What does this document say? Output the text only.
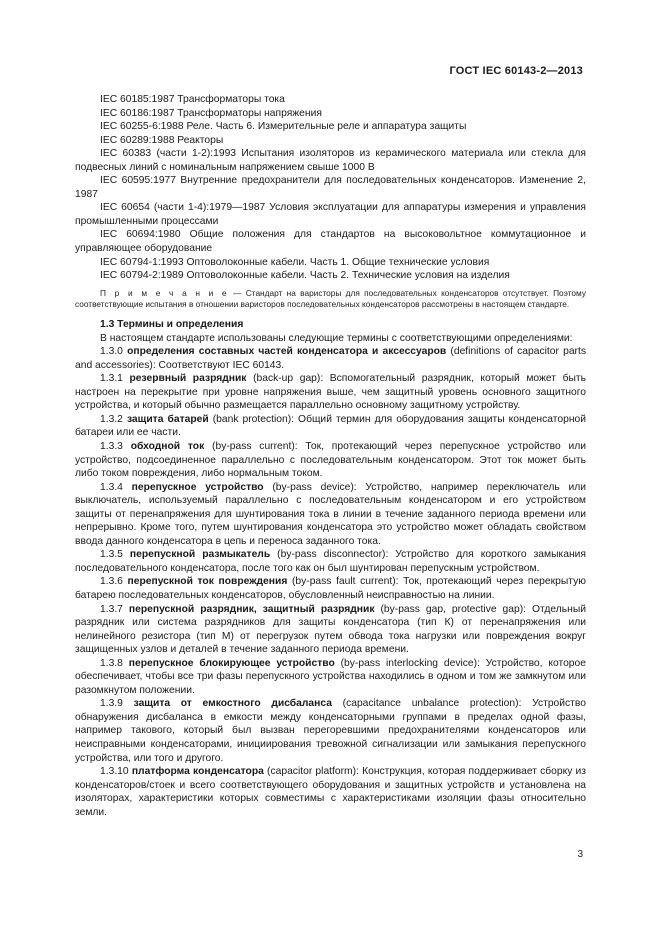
ГОСТ IEC 60143-2—2013

IEC 60185:1987 Трансформаторы тока

IEC 60186:1987 Трансформаторы напряжения

IEC 60255-6:1988 Реле. Часть 6. Измерительные реле и аппаратура защиты

IEC 60289:1988 Реакторы

IEC 60383 (части 1-2):1993 Испытания изоляторов из керамического материала или стекла для подвесных линий с номинальным напряжением свыше 1000 В

IEC 60595:1977 Внутренние предохранители для последовательных конденсаторов. Изменение 2, 1987

IEC 60654 (части 1-4):1979—1987 Условия эксплуатации для аппаратуры измерения и управления промышленными процессами

IEC 60694:1980 Общие положения для стандартов на высоковольтное коммутационное и управляющее оборудование

IEC 60794-1:1993 Оптоволоконные кабели. Часть 1. Общие технические условия

IEC 60794-2:1989 Оптоволоконные кабели. Часть 2. Технические условия на изделия

П р и м е ч а н и е — Стандарт на варисторы для последовательных конденсаторов отсутствует. Поэтому соответствующие испытания в отношении варисторов последовательных конденсаторов рассмотрены в настоящем стандарте.

1.3 Термины и определения

В настоящем стандарте использованы следующие термины с соответствующими определениями:

1.3.0 определения составных частей конденсатора и аксессуаров (definitions of capacitor parts and accessories): Соответствуют IEC 60143.

1.3.1 резервный разрядник (back-up gap): Вспомогательный разрядник, который может быть настроен на перекрытие при уровне напряжения выше, чем защитный уровень основного защитного устройства, и который обычно размещается параллельно основному защитному устройству.

1.3.2 защита батарей (bank protection): Общий термин для оборудования защиты конденсаторной батареи или ее части.

1.3.3 обходной ток (by-pass current): Ток, протекающий через перепускное устройство или устройство, подсоединенное параллельно с последовательным конденсатором. Этот ток может быть либо током повреждения, либо нормальным током.

1.3.4 перепускное устройство (by-pass device): Устройство, например переключатель или выключатель, используемый параллельно с последовательным конденсатором и его устройством защиты от перенапряжения для шунтирования тока в линии в течение заданного периода времени или непрерывно. Кроме того, путем шунтирования конденсатора это устройство может обладать свойством ввода данного конденсатора в цепь и переноса заданного тока.

1.3.5 перепускной размыкатель (by-pass disconnector): Устройство для короткого замыкания последовательного конденсатора, после того как он был шунтирован перепускным устройством.

1.3.6 перепускной ток повреждения (by-pass fault current): Ток, протекающий через перекрытую батарею последовательных конденсаторов, обусловленный неисправностью на линии.

1.3.7 перепускной разрядник, защитный разрядник (by-pass gap, protective gap): Отдельный разрядник или система разрядников для защиты конденсатора (тип К) от перенапряжения или нелинейного резистора (тип М) от перегрузок путем обвода тока нагрузки или повреждения вокруг защищенных узлов и деталей в течение заданного периода времени.

1.3.8 перепускное блокирующее устройство (by-pass interlocking device): Устройство, которое обеспечивает, чтобы все три фазы перепускного устройства находились в одном и том же замкнутом или разомкнутом положении.

1.3.9 защита от емкостного дисбаланса (capacitance unbalance protection): Устройство обнаружения дисбаланса в емкости между конденсаторными группами в пределах одной фазы, например такового, который был вызван перегоревшими предохранителями конденсаторов или неисправными конденсаторами, инициирования тревожной сигнализации или замыкания перепускного устройства, или того и другого.

1.3.10 платформа конденсатора (capacitor platform): Конструкция, которая поддерживает сборку из конденсаторов/стоек и всего соответствующего оборудования и защитных устройств и установлена на изоляторах, характеристики которых совместимы с характеристиками изоляции фазы относительно земли.

3
